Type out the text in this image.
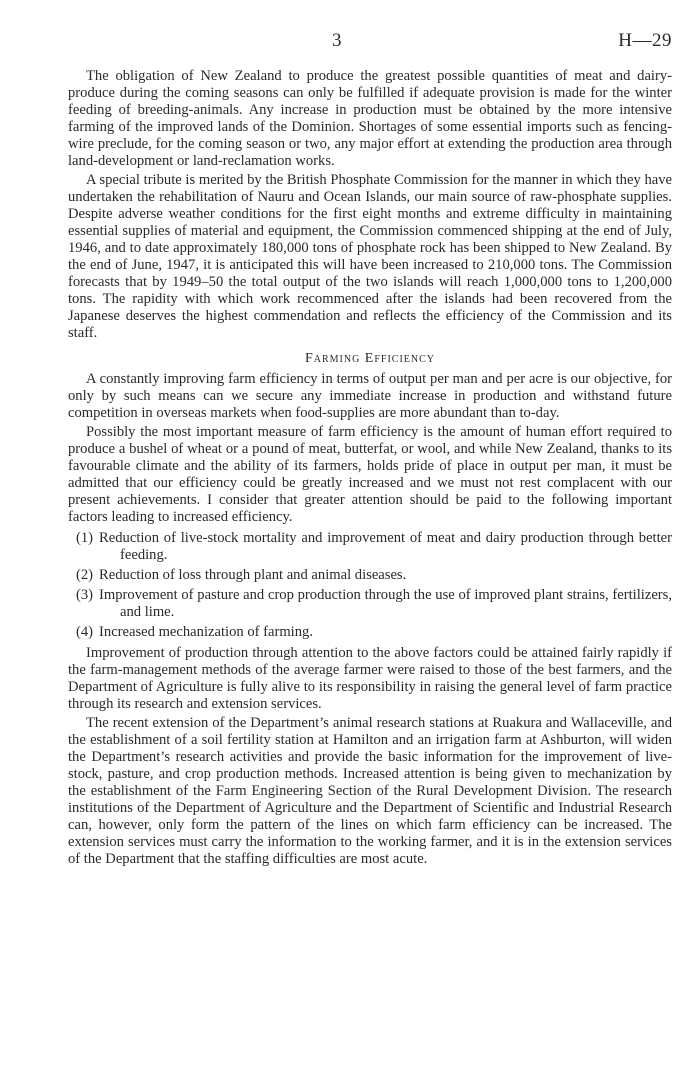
3	H—29

The obligation of New Zealand to produce the greatest possible quantities of meat and dairy-produce during the coming seasons can only be fulfilled if adequate provision is made for the winter feeding of breeding-animals. Any increase in production must be obtained by the more intensive farming of the improved lands of the Dominion. Shortages of some essential imports such as fencing-wire preclude, for the coming season or two, any major effort at extending the production area through land-development or land-reclamation works.

A special tribute is merited by the British Phosphate Commission for the manner in which they have undertaken the rehabilitation of Nauru and Ocean Islands, our main source of raw-phosphate supplies. Despite adverse weather conditions for the first eight months and extreme difficulty in maintaining essential supplies of material and equipment, the Commission commenced shipping at the end of July, 1946, and to date approximately 180,000 tons of phosphate rock has been shipped to New Zealand. By the end of June, 1947, it is anticipated this will have been increased to 210,000 tons. The Commission forecasts that by 1949–50 the total output of the two islands will reach 1,000,000 tons to 1,200,000 tons. The rapidity with which work recommenced after the islands had been recovered from the Japanese deserves the highest commendation and reflects the efficiency of the Commission and its staff.

Farming Efficiency

A constantly improving farm efficiency in terms of output per man and per acre is our objective, for only by such means can we secure any immediate increase in production and withstand future competition in overseas markets when food-supplies are more abundant than to-day.

Possibly the most important measure of farm efficiency is the amount of human effort required to produce a bushel of wheat or a pound of meat, butterfat, or wool, and while New Zealand, thanks to its favourable climate and the ability of its farmers, holds pride of place in output per man, it must be admitted that our efficiency could be greatly increased and we must not rest complacent with our present achievements. I consider that greater attention should be paid to the following important factors leading to increased efficiency.

(1) Reduction of live-stock mortality and improvement of meat and dairy production through better feeding.
(2) Reduction of loss through plant and animal diseases.
(3) Improvement of pasture and crop production through the use of improved plant strains, fertilizers, and lime.
(4) Increased mechanization of farming.

Improvement of production through attention to the above factors could be attained fairly rapidly if the farm-management methods of the average farmer were raised to those of the best farmers, and the Department of Agriculture is fully alive to its responsibility in raising the general level of farm practice through its research and extension services.

The recent extension of the Department’s animal research stations at Ruakura and Wallaceville, and the establishment of a soil fertility station at Hamilton and an irrigation farm at Ashburton, will widen the Department’s research activities and provide the basic information for the improvement of live-stock, pasture, and crop production methods. Increased attention is being given to mechanization by the establishment of the Farm Engineering Section of the Rural Development Division. The research institutions of the Department of Agriculture and the Department of Scientific and Industrial Research can, however, only form the pattern of the lines on which farm efficiency can be increased. The extension services must carry the information to the working farmer, and it is in the extension services of the Department that the staffing difficulties are most acute.
